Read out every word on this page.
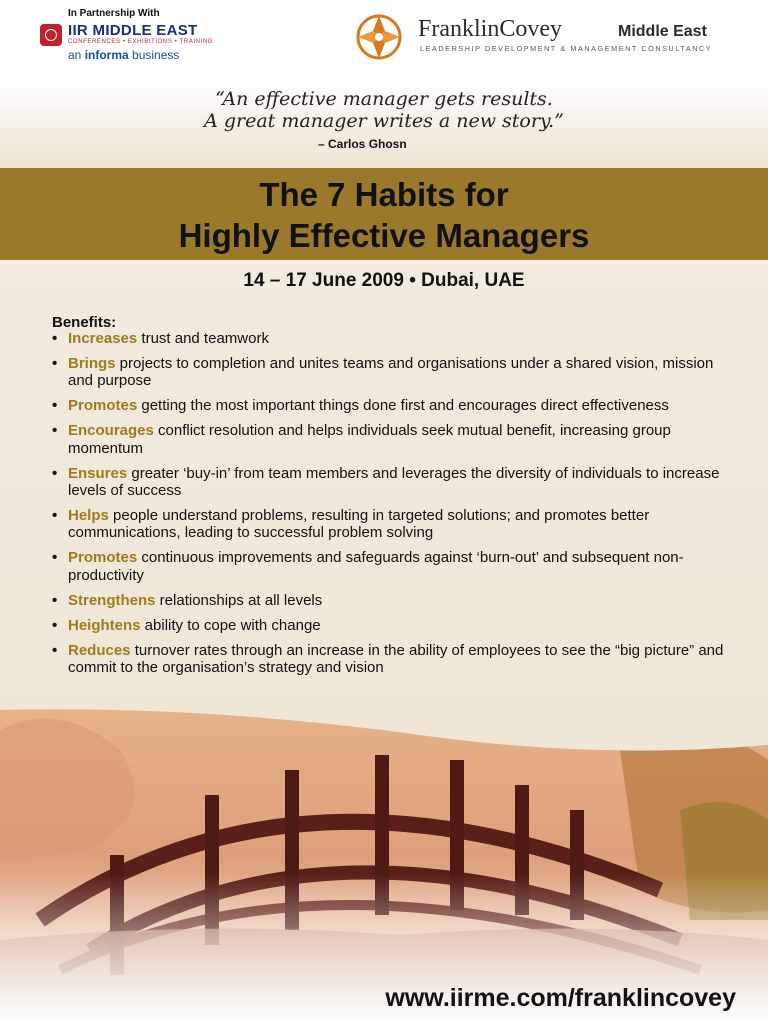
In Partnership With
IIR MIDDLE EAST
CONFERENCES • EXHIBITIONS • TRAINING
an informa business
FranklinCovey	Middle East
LEADERSHIP DEVELOPMENT & MANAGEMENT CONSULTANCY
“An effective manager gets results.
A great manager writes a new story.”
– Carlos Ghosn
The 7 Habits for
Highly Effective Managers
14 – 17 June 2009 • Dubai, UAE
Benefits:
• Increases trust and teamwork
• Brings projects to completion and unites teams and organisations under a shared vision, mission and purpose
• Promotes getting the most important things done first and encourages direct effectiveness
• Encourages conflict resolution and helps individuals seek mutual benefit, increasing group momentum
• Ensures greater ‘buy-in’ from team members and leverages the diversity of individuals to increase levels of success
• Helps people understand problems, resulting in targeted solutions; and promotes better communications, leading to successful problem solving
• Promotes continuous improvements and safeguards against ‘burn-out’ and subsequent non-productivity
• Strengthens relationships at all levels
• Heightens ability to cope with change
• Reduces turnover rates through an increase in the ability of employees to see the “big picture” and commit to the organisation’s strategy and vision
www.iirme.com/franklincovey
